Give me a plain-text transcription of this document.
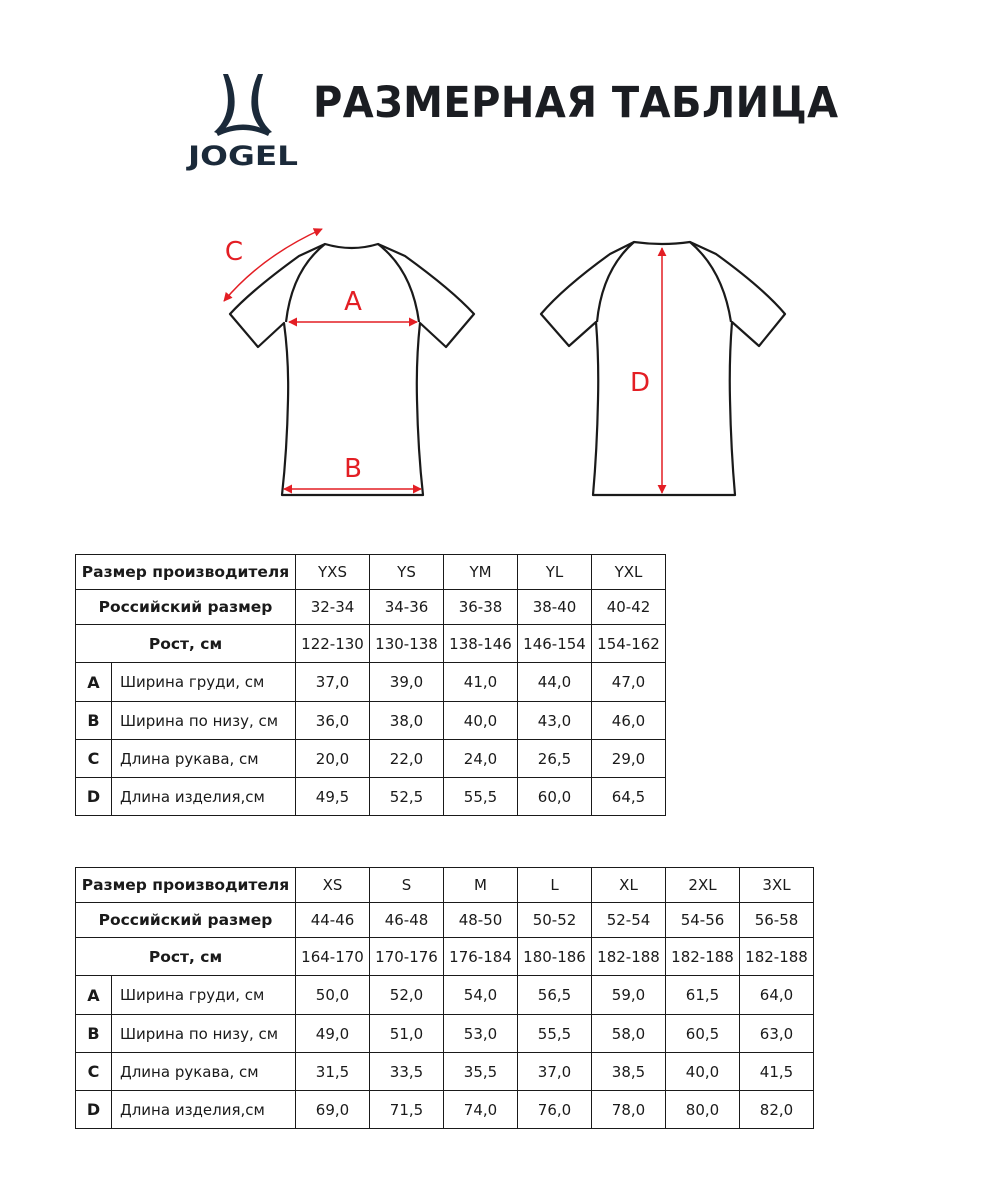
JOGEL
РАЗМЕРНАЯ ТАБЛИЦА
C
A
B
D
Размер производителя		YXS	YS	YM	YL	YXL
Российский размер		32-34	34-36	36-38	38-40	40-42
Рост, см		122-130	130-138	138-146	146-154	154-162
A	Ширина груди, см	37,0	39,0	41,0	44,0	47,0
B	Ширина по низу, см	36,0	38,0	40,0	43,0	46,0
C	Длина рукава, см	20,0	22,0	24,0	26,5	29,0
D	Длина изделия,см	49,5	52,5	55,5	60,0	64,5
Размер производителя		XS	S	M	L	XL	2XL	3XL
Российский размер		44-46	46-48	48-50	50-52	52-54	54-56	56-58
Рост, см		164-170	170-176	176-184	180-186	182-188	182-188	182-188
A	Ширина груди, см	50,0	52,0	54,0	56,5	59,0	61,5	64,0
B	Ширина по низу, см	49,0	51,0	53,0	55,5	58,0	60,5	63,0
C	Длина рукава, см	31,5	33,5	35,5	37,0	38,5	40,0	41,5
D	Длина изделия,см	69,0	71,5	74,0	76,0	78,0	80,0	82,0
